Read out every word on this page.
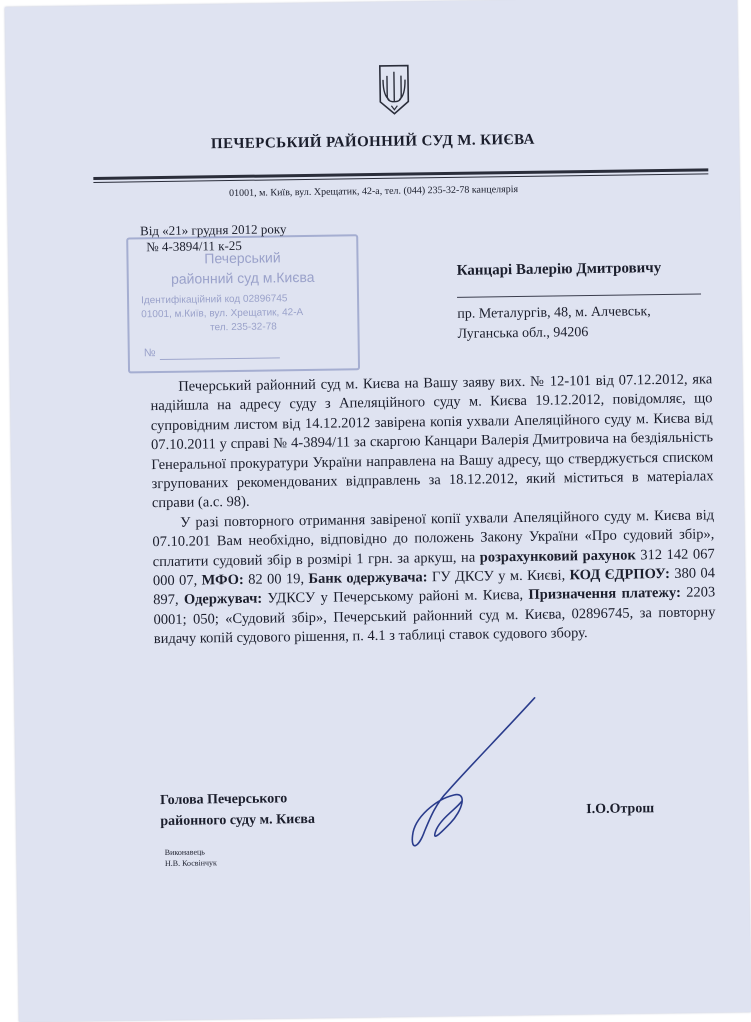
ПЕЧЕРСЬКИЙ РАЙОННИЙ СУД М. КИЄВА
01001, м. Київ, вул. Хрещатик, 42-а, тел. (044) 235-32-78 канцелярія
Печерський
районний суд м.Києва
Ідентифікаційний код 02896745
01001, м.Київ, вул. Хрещатик, 42-А
тел. 235-32-78
№
Від «21» грудня 2012 року
№ 4-3894/11 к-25
Канцарі Валерію Дмитровичу
пр. Металургів, 48, м. Алчевськ,
Луганська обл., 94206

Печерський районний суд м. Києва на Вашу заяву вих. № 12-101 від 07.12.2012, яка надійшла на адресу суду з Апеляційного суду м. Києва 19.12.2012, повідомляє, що супровідним листом від 14.12.2012 завірена копія ухвали Апеляційного суду м. Києва від 07.10.2011 у справі № 4-3894/11 за скаргою Канцари Валерія Дмитровича на бездіяльність Генеральної прокуратури України направлена на Вашу адресу, що стверджується списком згрупованих рекомендованих відправлень за 18.12.2012, який міститься в матеріалах справи (а.с. 98).

У разі повторного отримання завіреної копії ухвали Апеляційного суду м. Києва від 07.10.201 Вам необхідно, відповідно до положень Закону України «Про судовий збір», сплатити судовий збір в розмірі 1 грн. за аркуш, на розрахунковий рахунок 312 142 067 000 07, МФО: 82 00 19, Банк одержувача: ГУ ДКСУ у м. Києві, КОД ЄДРПОУ: 380 04 897, Одержувач: УДКСУ у Печерському районі м. Києва, Призначення платежу: 2203 0001; 050; «Судовий збір», Печерський районний суд м. Києва, 02896745, за повторну видачу копій судового рішення, п. 4.1 з таблиці ставок судового збору.

Голова Печерського
районного суду м. Києва
І.О.Отрош
Виконавець
Н.В. Косвінчук
